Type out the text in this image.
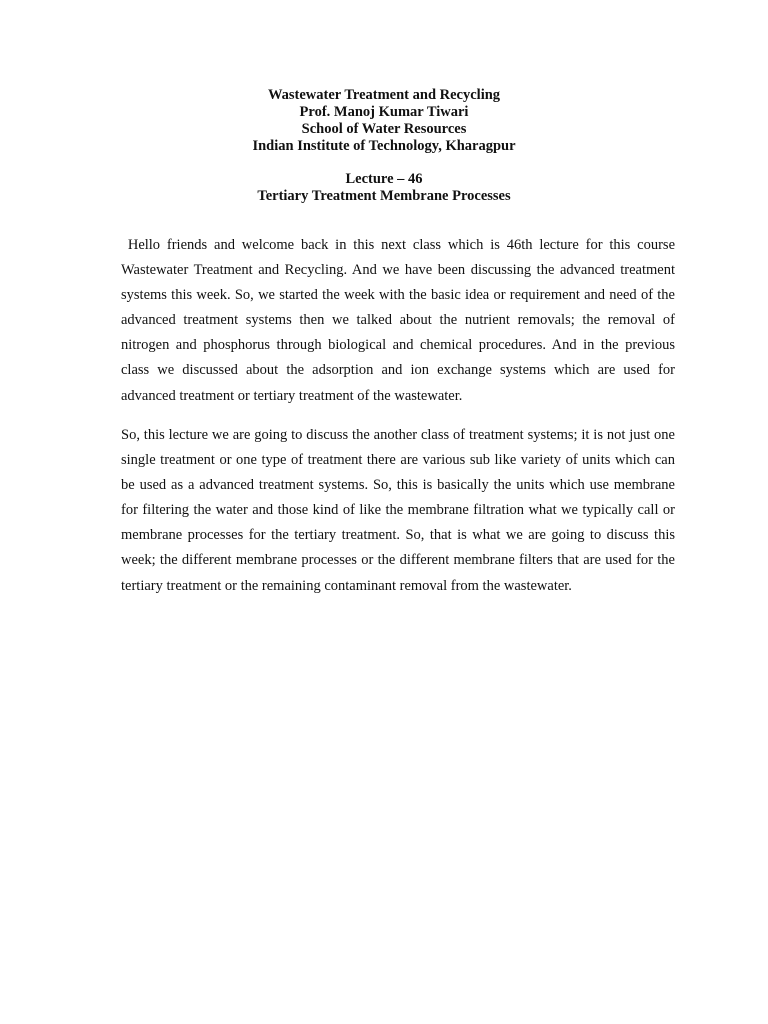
Wastewater Treatment and Recycling

Prof. Manoj Kumar Tiwari

School of Water Resources

Indian Institute of Technology, Kharagpur

Lecture – 46

Tertiary Treatment Membrane Processes

Hello friends and welcome back in this next class which is 46th lecture for this course Wastewater Treatment and Recycling. And we have been discussing the advanced treatment systems this week. So, we started the week with the basic idea or requirement and need of the advanced treatment systems then we talked about the nutrient removals; the removal of nitrogen and phosphorus through biological and chemical procedures. And in the previous class we discussed about the adsorption and ion exchange systems which are used for advanced treatment or tertiary treatment of the wastewater.

So, this lecture we are going to discuss the another class of treatment systems; it is not just one single treatment or one type of treatment there are various sub like variety of units which can be used as a advanced treatment systems. So, this is basically the units which use membrane for filtering the water and those kind of like the membrane filtration what we typically call or membrane processes for the tertiary treatment. So, that is what we are going to discuss this week; the different membrane processes or the different membrane filters that are used for the tertiary treatment or the remaining contaminant removal from the wastewater.
